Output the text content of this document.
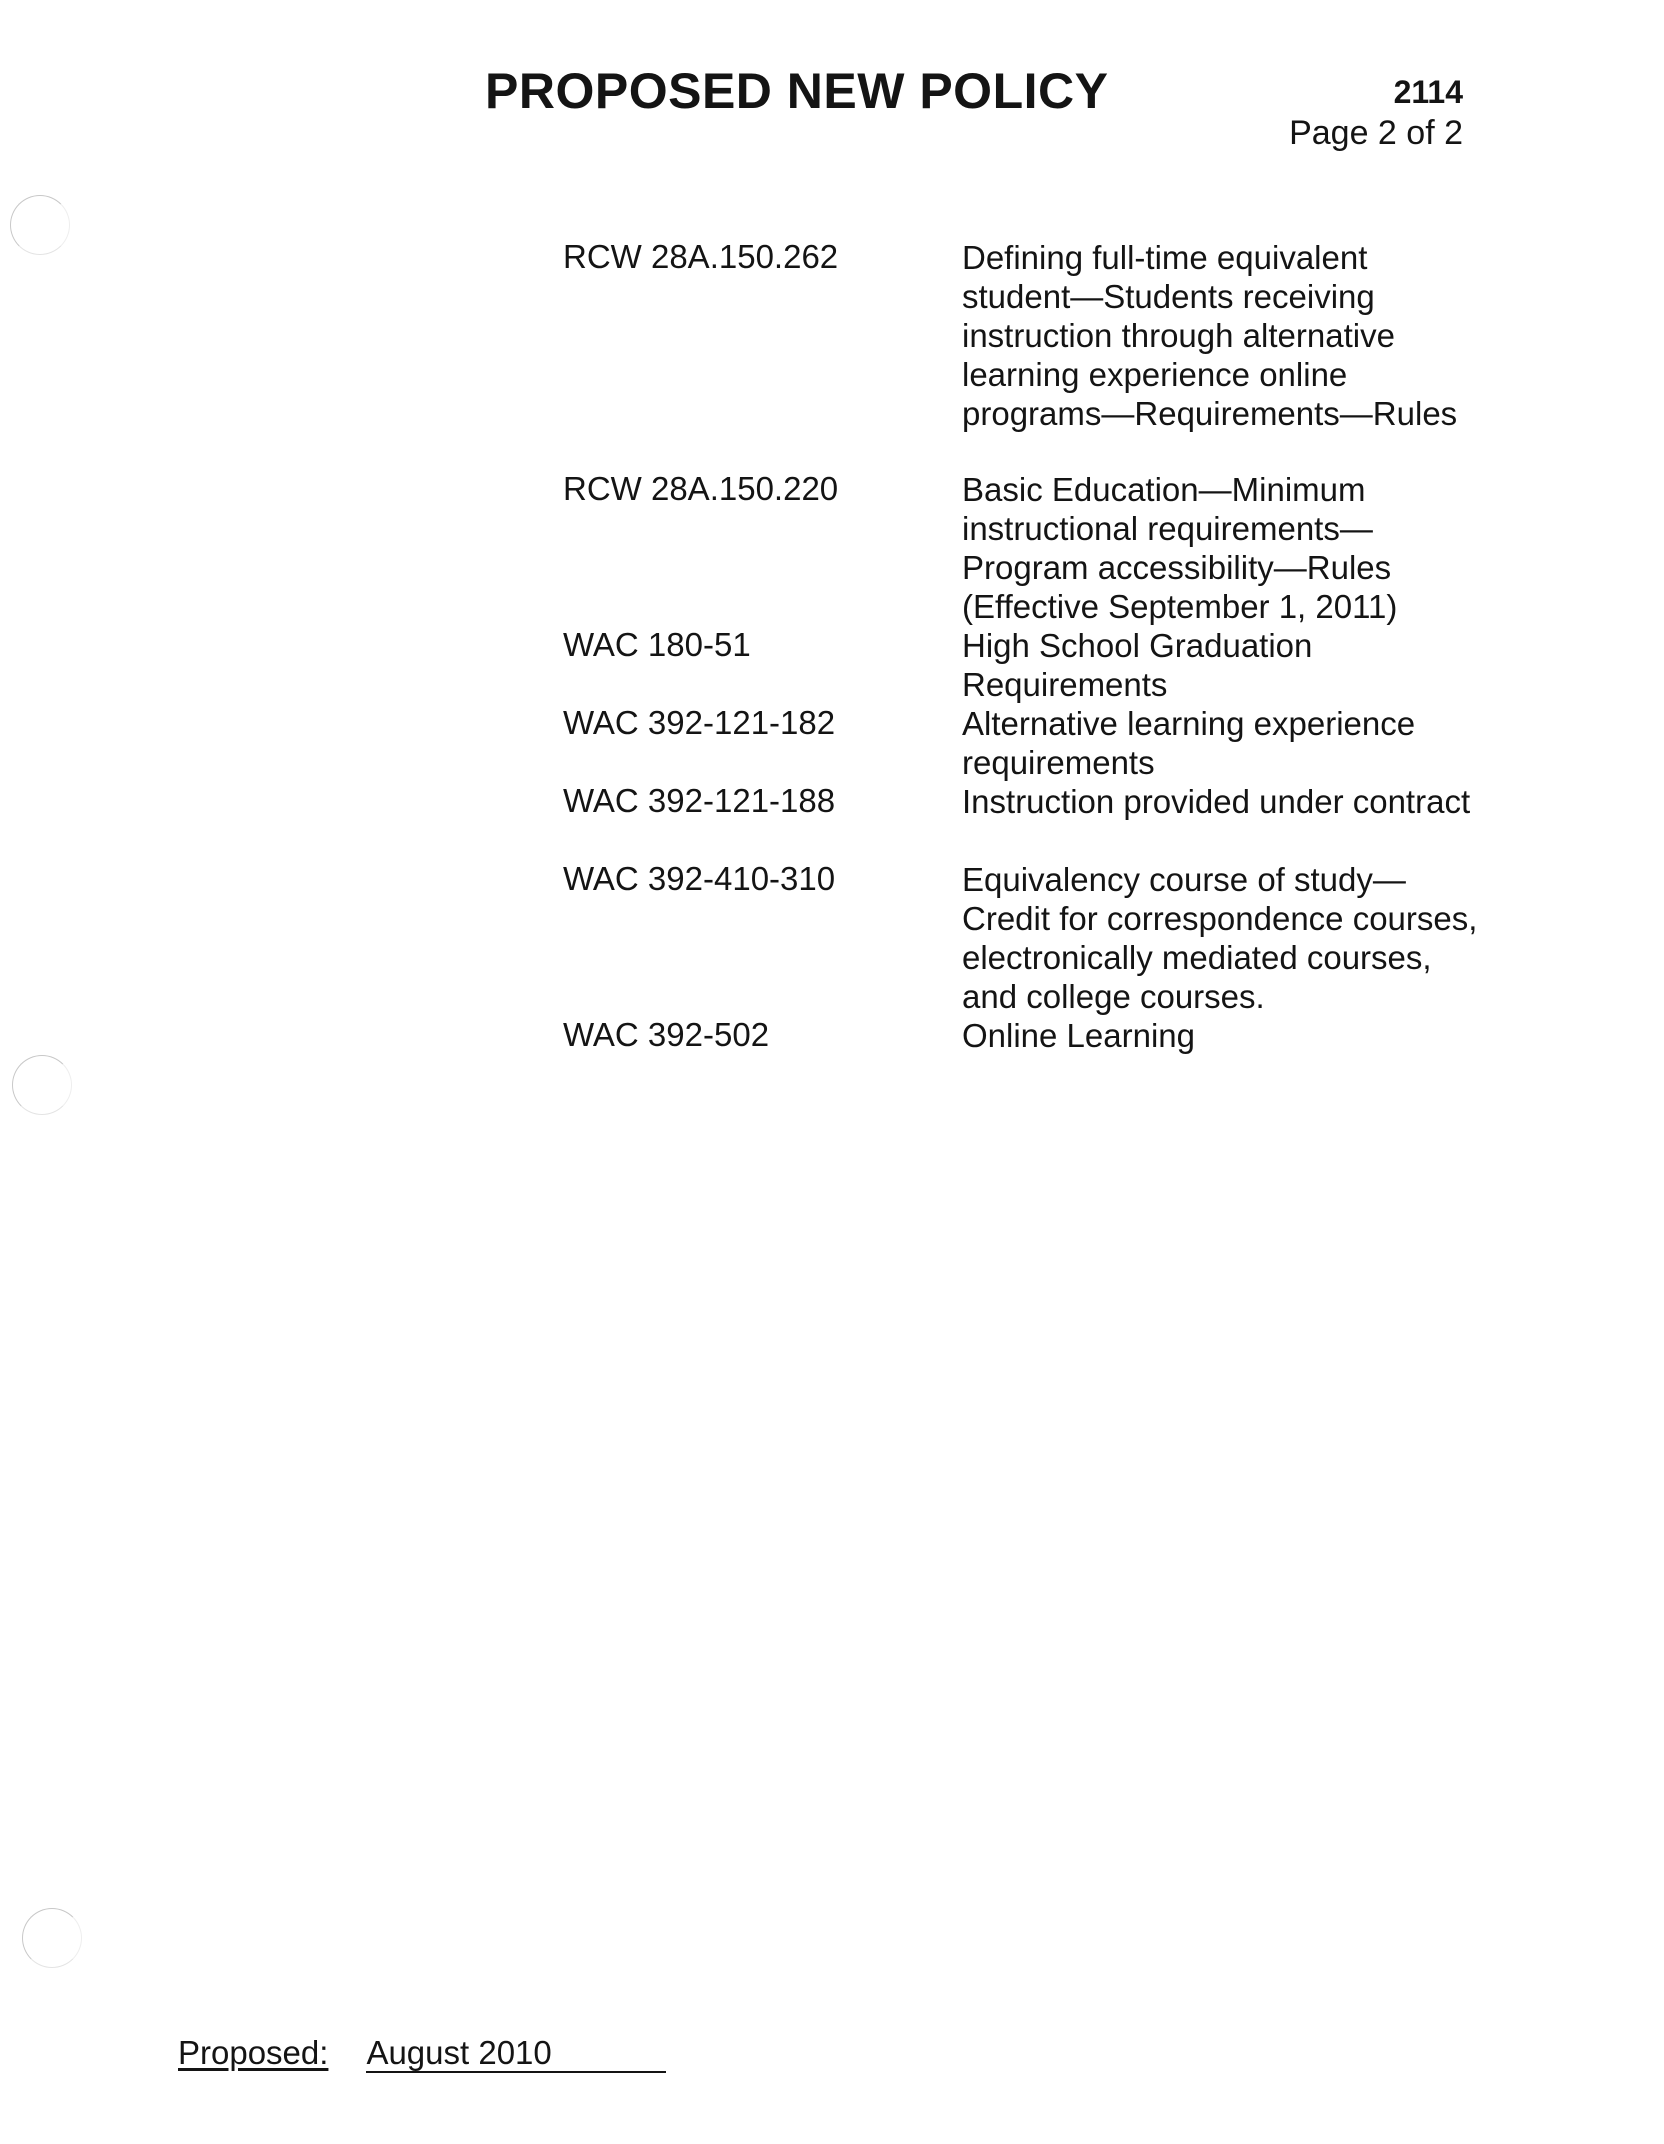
PROPOSED NEW POLICY	2114
Page 2 of 2
RCW 28A.150.262	Defining full-time equivalent student—Students receiving instruction through alternative learning experience online programs—Requirements—Rules
RCW 28A.150.220	Basic Education—Minimum instructional requirements—Program accessibility—Rules (Effective September 1, 2011)
WAC 180-51	High School Graduation Requirements
WAC 392-121-182	Alternative learning experience requirements
WAC 392-121-188	Instruction provided under contract
WAC 392-410-310	Equivalency course of study—Credit for correspondence courses, electronically mediated courses, and college courses.
WAC 392-502	Online Learning
Proposed: August 2010
